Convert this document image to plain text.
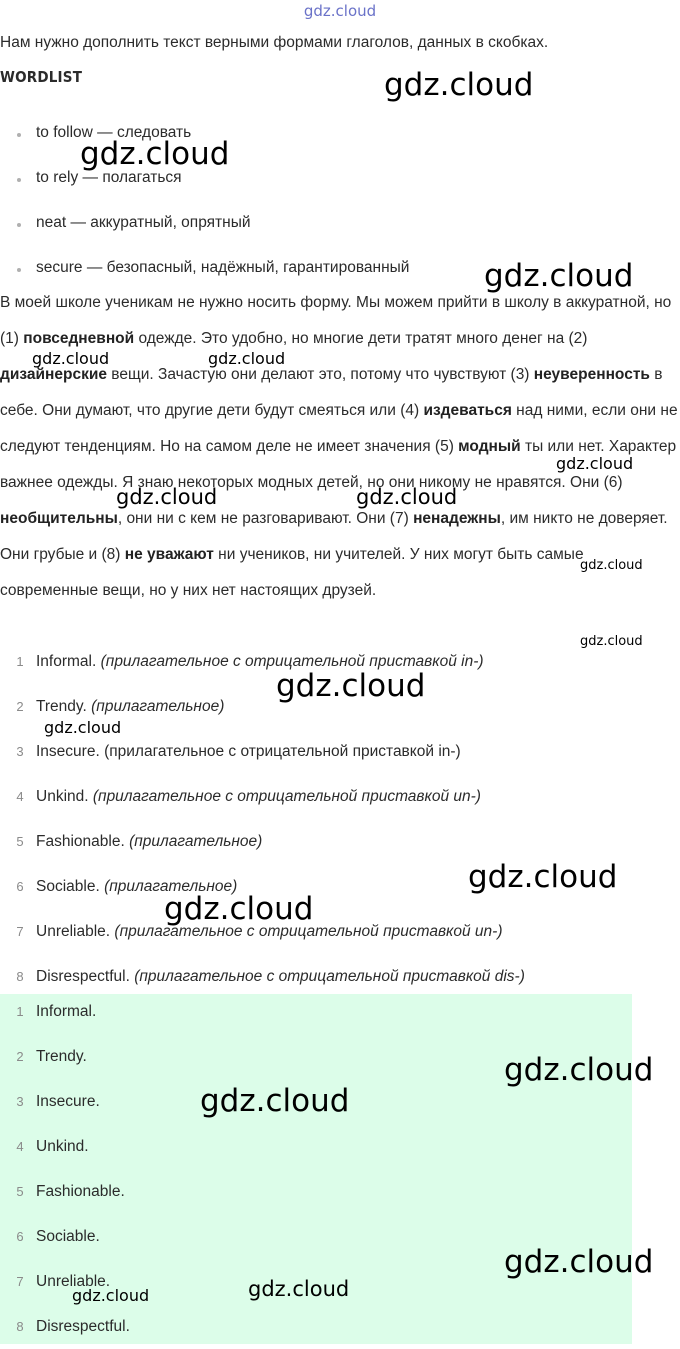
gdz.cloud

Нам нужно дополнить текст верными формами глаголов, данных в скобках.

WORDLIST
to follow — следовать
to rely — полагаться
neat — аккуратный, опрятный
secure — безопасный, надёжный, гарантированный

В моей школе ученикам не нужно носить форму. Мы можем прийти в школу в аккуратной, но (1) повседневной одежде. Это удобно, но многие дети тратят много денег на (2) дизайнерские вещи. Зачастую они делают это, потому что чувствуют (3) неуверенность в себе. Они думают, что другие дети будут смеяться или (4) издеваться над ними, если они не следуют тенденциям. Но на самом деле не имеет значения (5) модный ты или нет. Характер важнее одежды. Я знаю некоторых модных детей, но они никому не нравятся. Они (6) необщительны, они ни с кем не разговаривают. Они (7) ненадежны, им никто не доверяет. Они грубые и (8) не уважают ни учеников, ни учителей. У них могут быть самые современные вещи, но у них нет настоящих друзей.

1 Informal. (прилагательное с отрицательной приставкой in-)
2 Trendy. (прилагательное)
3 Insecure. (прилагательное с отрицательной приставкой in-)
4 Unkind. (прилагательное с отрицательной приставкой un-)
5 Fashionable. (прилагательное)
6 Sociable. (прилагательное)
7 Unreliable. (прилагательное с отрицательной приставкой un-)
8 Disrespectful. (прилагательное с отрицательной приставкой dis-)
1 Informal.
2 Trendy.
3 Insecure.
4 Unkind.
5 Fashionable.
6 Sociable.
7 Unreliable.
8 Disrespectful.
gdz.cloud
gdz.cloud
gdz.cloud
gdz.cloud	gdz.cloud
gdz.cloud
gdz.cloud	gdz.cloud
gdz.cloud
gdz.cloud
gdz.cloud
gdz.cloud
gdz.cloud
gdz.cloud
gdz.cloud
gdz.cloud
gdz.cloud
gdz.cloud
gdz.cloud
